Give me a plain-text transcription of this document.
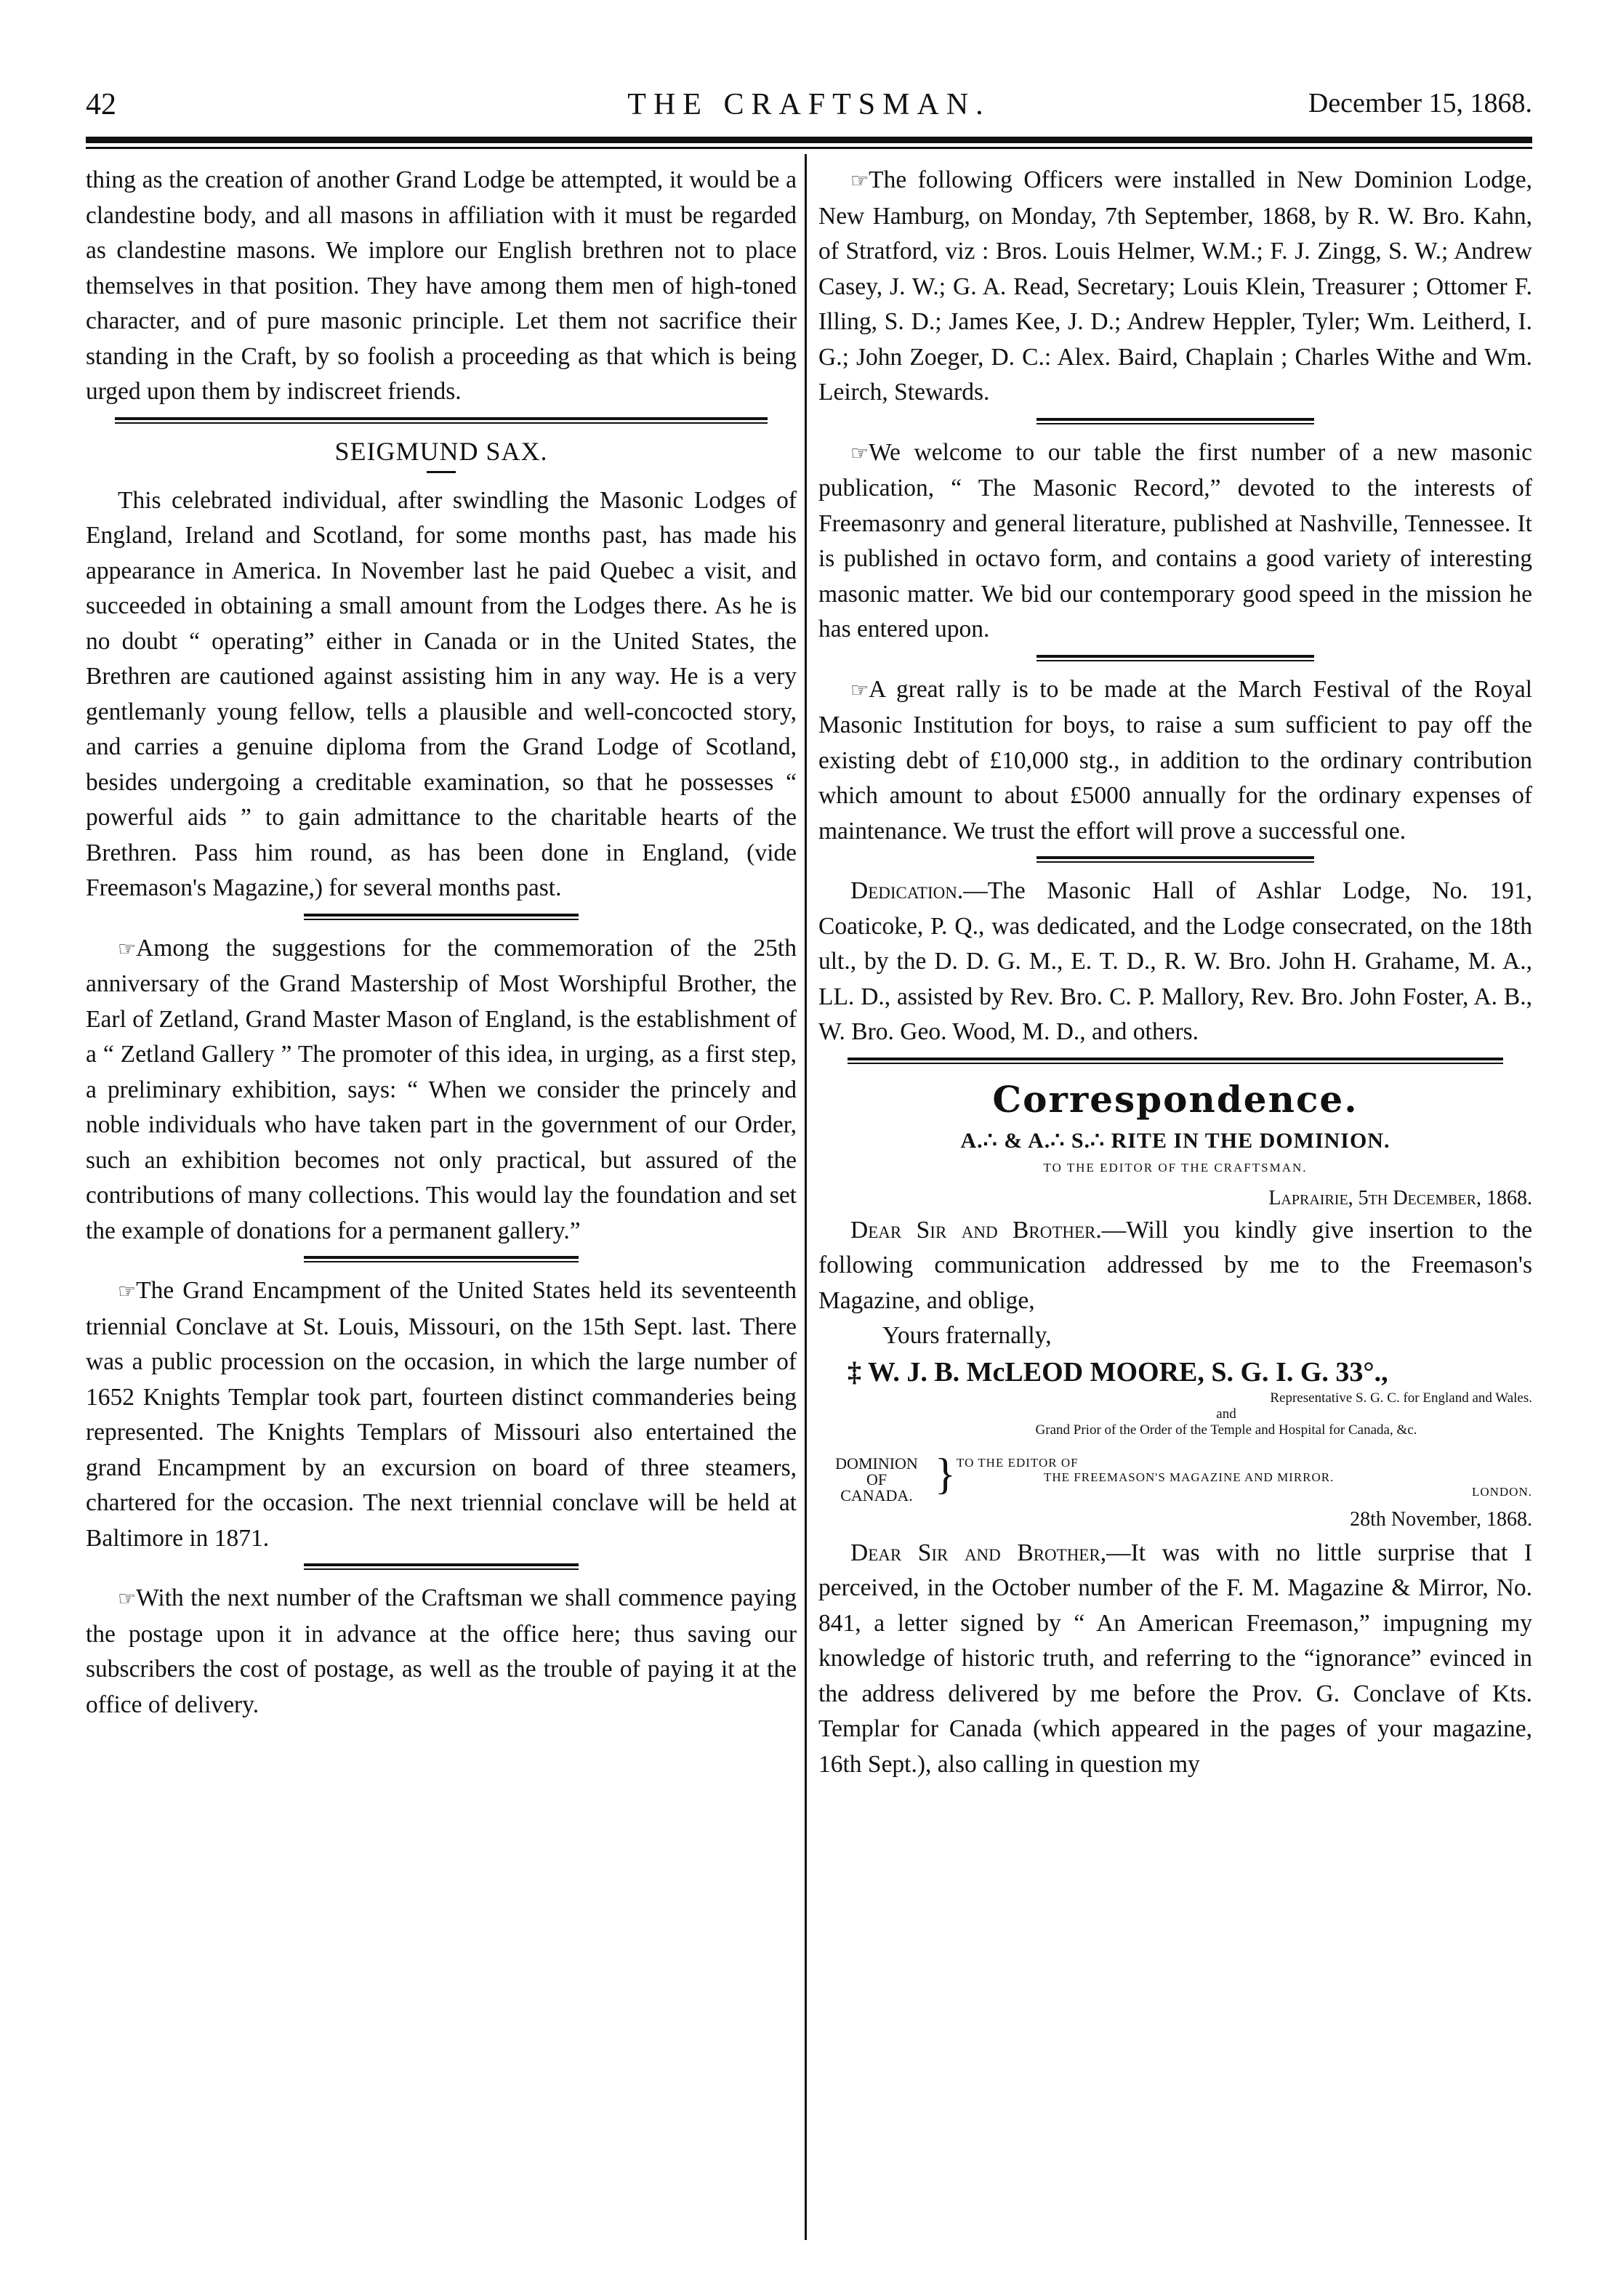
42	THE CRAFTSMAN.	December 15, 1868.

thing as the creation of another Grand Lodge be attempted, it would be a clandestine body, and all masons in affiliation with it must be regarded as clandestine masons. We implore our English brethren not to place themselves in that position. They have among them men of high-toned character, and of pure masonic principle. Let them not sacrifice their standing in the Craft, by so foolish a proceeding as that which is being urged upon them by indiscreet friends.

SEIGMUND SAX.

This celebrated individual, after swindling the Masonic Lodges of England, Ireland and Scotland, for some months past, has made his appearance in America. In November last he paid Quebec a visit, and succeeded in obtaining a small amount from the Lodges there. As he is no doubt “ operating” either in Canada or in the United States, the Brethren are cautioned against assisting him in any way. He is a very gentlemanly young fellow, tells a plausible and well-concocted story, and carries a genuine diploma from the Grand Lodge of Scotland, besides undergoing a creditable examination, so that he possesses “ powerful aids ” to gain admittance to the charitable hearts of the Brethren. Pass him round, as has been done in England, (vide Freemason's Magazine,) for several months past.

☞Among the suggestions for the commemoration of the 25th anniversary of the Grand Mastership of Most Worshipful Brother, the Earl of Zetland, Grand Master Mason of England, is the establishment of a “ Zetland Gallery ” The promoter of this idea, in urging, as a first step, a preliminary exhibition, says: “ When we consider the princely and noble individuals who have taken part in the government of our Order, such an exhibition becomes not only practical, but assured of the contributions of many collections. This would lay the foundation and set the example of donations for a permanent gallery.”

☞The Grand Encampment of the United States held its seventeenth triennial Conclave at St. Louis, Missouri, on the 15th Sept. last. There was a public procession on the occasion, in which the large number of 1652 Knights Templar took part, fourteen distinct commanderies being represented. The Knights Templars of Missouri also entertained the grand Encampment by an excursion on board of three steamers, chartered for the occasion. The next triennial conclave will be held at Baltimore in 1871.

☞With the next number of the Craftsman we shall commence paying the postage upon it in advance at the office here; thus saving our subscribers the cost of postage, as well as the trouble of paying it at the office of delivery.

☞The following Officers were installed in New Dominion Lodge, New Hamburg, on Monday, 7th September, 1868, by R. W. Bro. Kahn, of Stratford, viz : Bros. Louis Helmer, W.M.; F. J. Zingg, S. W.; Andrew Casey, J. W.; G. A. Read, Secretary; Louis Klein, Treasurer ; Ottomer F. Illing, S. D.; James Kee, J. D.; Andrew Heppler, Tyler; Wm. Leitherd, I. G.; John Zoeger, D. C.: Alex. Baird, Chaplain ; Charles Withe and Wm. Leirch, Stewards.

☞We welcome to our table the first number of a new masonic publication, “ The Masonic Record,” devoted to the interests of Freemasonry and general literature, published at Nashville, Tennessee. It is published in octavo form, and contains a good variety of interesting masonic matter. We bid our contemporary good speed in the mission he has entered upon.

☞A great rally is to be made at the March Festival of the Royal Masonic Institution for boys, to raise a sum sufficient to pay off the existing debt of £10,000 stg., in addition to the ordinary contribution which amount to about £5000 annually for the ordinary expenses of maintenance. We trust the effort will prove a successful one.

Dedication.—The Masonic Hall of Ashlar Lodge, No. 191, Coaticoke, P. Q., was dedicated, and the Lodge consecrated, on the 18th ult., by the D. D. G. M., E. T. D., R. W. Bro. John H. Grahame, M. A., LL. D., assisted by Rev. Bro. C. P. Mallory, Rev. Bro. John Foster, A. B., W. Bro. Geo. Wood, M. D., and others.

Correspondence.
A.∴ & A.∴ S.∴ RITE IN THE DOMINION.
TO THE EDITOR OF THE CRAFTSMAN.
Laprairie, 5th December, 1868.

Dear Sir and Brother.—Will you kindly give insertion to the following communication addressed by me to the Freemason's Magazine, and oblige,

Yours fraternally,
‡ W. J. B. McLEOD MOORE, S. G. I. G. 33°.,
Representative S. G. C. for England and Wales.
and
Grand Prior of the Order of the Temple and Hospital for Canada, &c.
DOMINION
OF
CANADA. } TO THE EDITOR OF
THE FREEMASON'S MAGAZINE AND MIRROR.
LONDON.
28th November, 1868.

Dear Sir and Brother,—It was with no little surprise that I perceived, in the October number of the F. M. Magazine & Mirror, No. 841, a letter signed by “ An American Freemason,” impugning my knowledge of historic truth, and referring to the “ignorance” evinced in the address delivered by me before the Prov. G. Conclave of Kts. Templar for Canada (which appeared in the pages of your magazine, 16th Sept.), also calling in question my
